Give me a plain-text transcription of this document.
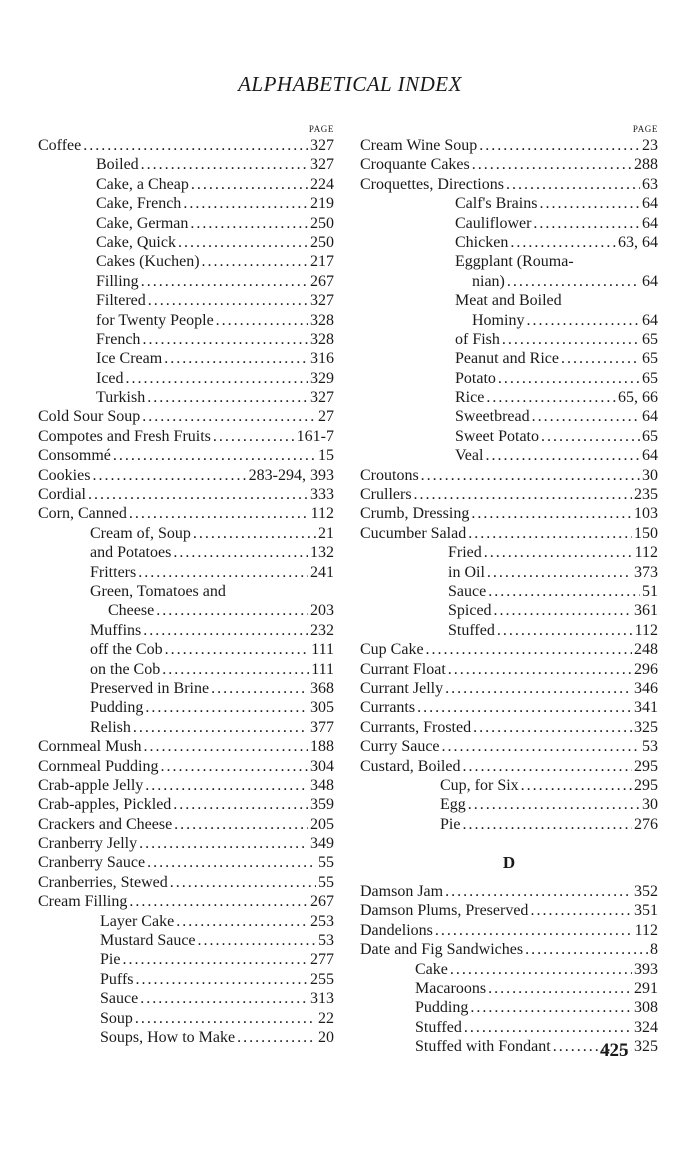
ALPHABETICAL INDEX
PAGE
Coffee .....	327
Boiled .....	327
Cake, a Cheap .....	224
Cake, French .....	219
Cake, German .....	250
Cake, Quick .....	250
Cakes (Kuchen) .....	217
Filling .....	267
Filtered .....	327
for Twenty People .....	328
French .....	328
Ice Cream .....	316
Iced .....	329
Turkish .....	327
Cold Sour Soup .....	27
Compotes and Fresh Fruits .....	161-7
Consommé .....	15
Cookies .....	283-294, 393
Cordial .....	333
Corn, Canned .....	112
Cream of, Soup .....	21
and Potatoes .....	132
Fritters .....	241
Green, Tomatoes and
Cheese .....	203
Muffins .....	232
off the Cob .....	111
on the Cob .....	111
Preserved in Brine .....	368
Pudding .....	305
Relish .....	377
Cornmeal Mush .....	188
Cornmeal Pudding .....	304
Crab-apple Jelly .....	348
Crab-apples, Pickled .....	359
Crackers and Cheese .....	205
Cranberry Jelly .....	349
Cranberry Sauce .....	55
Cranberries, Stewed .....	55
Cream Filling .....	267
Layer Cake .....	253
Mustard Sauce .....	53
Pie .....	277
Puffs .....	255
Sauce .....	313
Soup .....	22
Soups, How to Make .....	20
PAGE
Cream Wine Soup .....	23
Croquante Cakes .....	288
Croquettes, Directions .....	63
Calf's Brains .....	64
Cauliflower .....	64
Chicken .....	63, 64
Eggplant (Rouma-
nian) .....	64
Meat and Boiled
Hominy .....	64
of Fish .....	65
Peanut and Rice .....	65
Potato .....	65
Rice .....	65, 66
Sweetbread .....	64
Sweet Potato .....	65
Veal .....	64
Croutons .....	30
Crullers .....	235
Crumb, Dressing .....	103
Cucumber Salad .....	150
Fried .....	112
in Oil .....	373
Sauce .....	51
Spiced .....	361
Stuffed .....	112
Cup Cake .....	248
Currant Float .....	296
Currant Jelly .....	346
Currants .....	341
Currants, Frosted .....	325
Curry Sauce .....	53
Custard, Boiled .....	295
Cup, for Six .....	295
Egg .....	30
Pie .....	276
D
Damson Jam .....	352
Damson Plums, Preserved .....	351
Dandelions .....	112
Date and Fig Sandwiches .....	8
Cake .....	393
Macaroons .....	291
Pudding .....	308
Stuffed .....	324
Stuffed with Fondant .....	325
425
